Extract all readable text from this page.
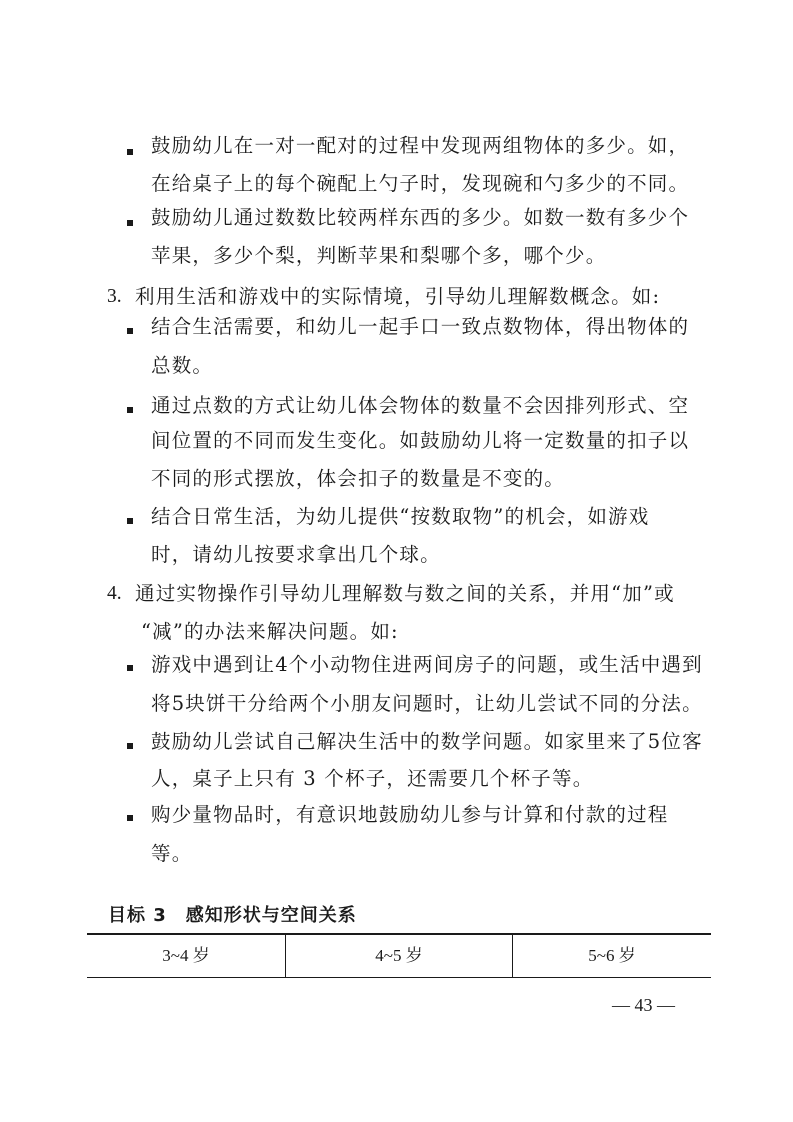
3.
4.
鼓励幼儿在一对一配对的过程中发现两组物体的多少。如，
在给桌子上的每个碗配上勺子时，发现碗和勺多少的不同。
鼓励幼儿通过数数比较两样东西的多少。如数一数有多少个
苹果，多少个梨，判断苹果和梨哪个多，哪个少。
利用生活和游戏中的实际情境，引导幼儿理解数概念。如:
结合生活需要，和幼儿一起手口一致点数物体，得出物体的
总数。
通过点数的方式让幼儿体会物体的数量不会因排列形式、空
间位置的不同而发生变化。如鼓励幼儿将一定数量的扣子以
不同的形式摆放，体会扣子的数量是不变的。
结合日常生活，为幼儿提供“按数取物”的机会，如游戏
时，请幼儿按要求拿出几个球。
通过实物操作引导幼儿理解数与数之间的关系，并用“加”或
“减”的办法来解决问题。如:
游戏中遇到让4个小动物住进两间房子的问题，或生活中遇到
将5块饼干分给两个小朋友问题时，让幼儿尝试不同的分法。
鼓励幼儿尝试自己解决生活中的数学问题。如家里来了5位客
人，桌子上只有 3 个杯子，还需要几个杯子等。
购少量物品时，有意识地鼓励幼儿参与计算和付款的过程
等。
目标 3　感知形状与空间关系
3~4 岁	4~5 岁	5~6 岁
— 43 —
